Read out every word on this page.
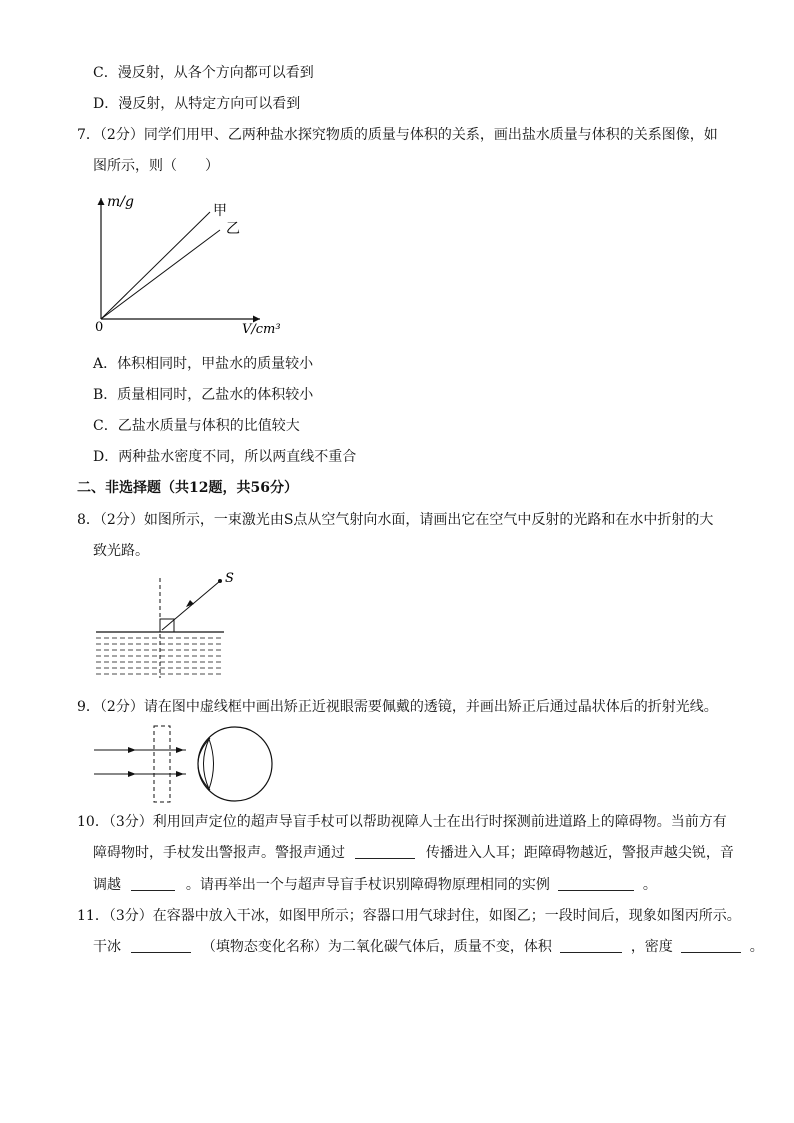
C．漫反射，从各个方向都可以看到
D．漫反射，从特定方向可以看到
7．（2分）同学们用甲、乙两种盐水探究物质的质量与体积的关系，画出盐水质量与体积的关系图像，如
图所示，则（　　）
m/g
V/cm³
0
甲
乙
A．体积相同时，甲盐水的质量较小
B．质量相同时，乙盐水的体积较小
C．乙盐水质量与体积的比值较大
D．两种盐水密度不同，所以两直线不重合
二、非选择题（共12题，共56分）
8．（2分）如图所示，一束激光由S点从空气射向水面，请画出它在空气中反射的光路和在水中折射的大
致光路。
S
9．（2分）请在图中虚线框中画出矫正近视眼需要佩戴的透镜，并画出矫正后通过晶状体后的折射光线。
10．（3分）利用回声定位的超声导盲手杖可以帮助视障人士在出行时探测前进道路上的障碍物。当前方有
障碍物时，手杖发出警报声。警报声通过	传播进入人耳；距障碍物越近，警报声越尖锐，音
调越	。请再举出一个与超声导盲手杖识别障碍物原理相同的实例	。
11．（3分）在容器中放入干冰，如图甲所示；容器口用气球封住，如图乙；一段时间后，现象如图丙所示。
干冰	（填物态变化名称）为二氧化碳气体后，质量不变，体积	，密度	。
